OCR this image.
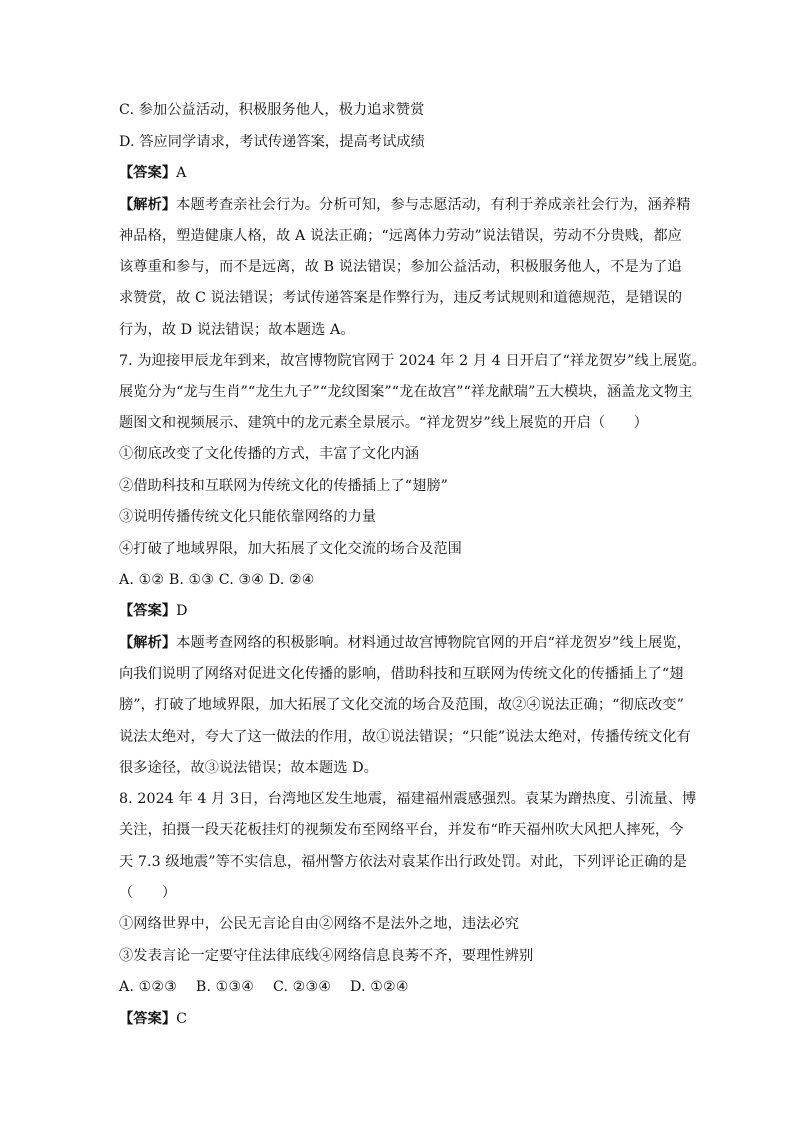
C. 参加公益活动，积极服务他人，极力追求赞赏
D. 答应同学请求，考试传递答案，提高考试成绩
【答案】A
【解析】本题考查亲社会行为。分析可知，参与志愿活动，有利于养成亲社会行为，涵养精
神品格，塑造健康人格，故 A 说法正确；“远离体力劳动”说法错误，劳动不分贵贱，都应
该尊重和参与，而不是远离，故 B 说法错误；参加公益活动，积极服务他人，不是为了追
求赞赏，故 C 说法错误；考试传递答案是作弊行为，违反考试规则和道德规范，是错误的
行为，故 D 说法错误；故本题选 A。
7. 为迎接甲辰龙年到来，故宫博物院官网于 2024 年 2 月 4 日开启了“祥龙贺岁”线上展览。
展览分为“龙与生肖”“龙生九子”“龙纹图案”“龙在故宫”“祥龙献瑞”五大模块，涵盖龙文物主
题图文和视频展示、建筑中的龙元素全景展示。“祥龙贺岁”线上展览的开启（　　）
①彻底改变了文化传播的方式，丰富了文化内涵
②借助科技和互联网为传统文化的传播插上了“翅膀”
③说明传播传统文化只能依靠网络的力量
④打破了地域界限，加大拓展了文化交流的场合及范围
A. ①② B. ①③ C. ③④ D. ②④
【答案】D
【解析】本题考查网络的积极影响。材料通过故宫博物院官网的开启“祥龙贺岁”线上展览，
向我们说明了网络对促进文化传播的影响，借助科技和互联网为传统文化的传播插上了“翅
膀”，打破了地域界限，加大拓展了文化交流的场合及范围，故②④说法正确；“彻底改变”
说法太绝对，夸大了这一做法的作用，故①说法错误；“只能”说法太绝对，传播传统文化有
很多途径，故③说法错误；故本题选 D。
8. 2024 年 4 月 3日，台湾地区发生地震，福建福州震感强烈。袁某为蹭热度、引流量、博
关注，拍摄一段天花板挂灯的视频发布至网络平台，并发布“昨天福州吹大风把人摔死，今
天 7.3 级地震”等不实信息，福州警方依法对袁某作出行政处罚。对此，下列评论正确的是
（　　）
①网络世界中，公民无言论自由②网络不是法外之地，违法必究
③发表言论一定要守住法律底线④网络信息良莠不齐，要理性辨别
A. ①②③　 B. ①③④　 C. ②③④　 D. ①②④
【答案】C
